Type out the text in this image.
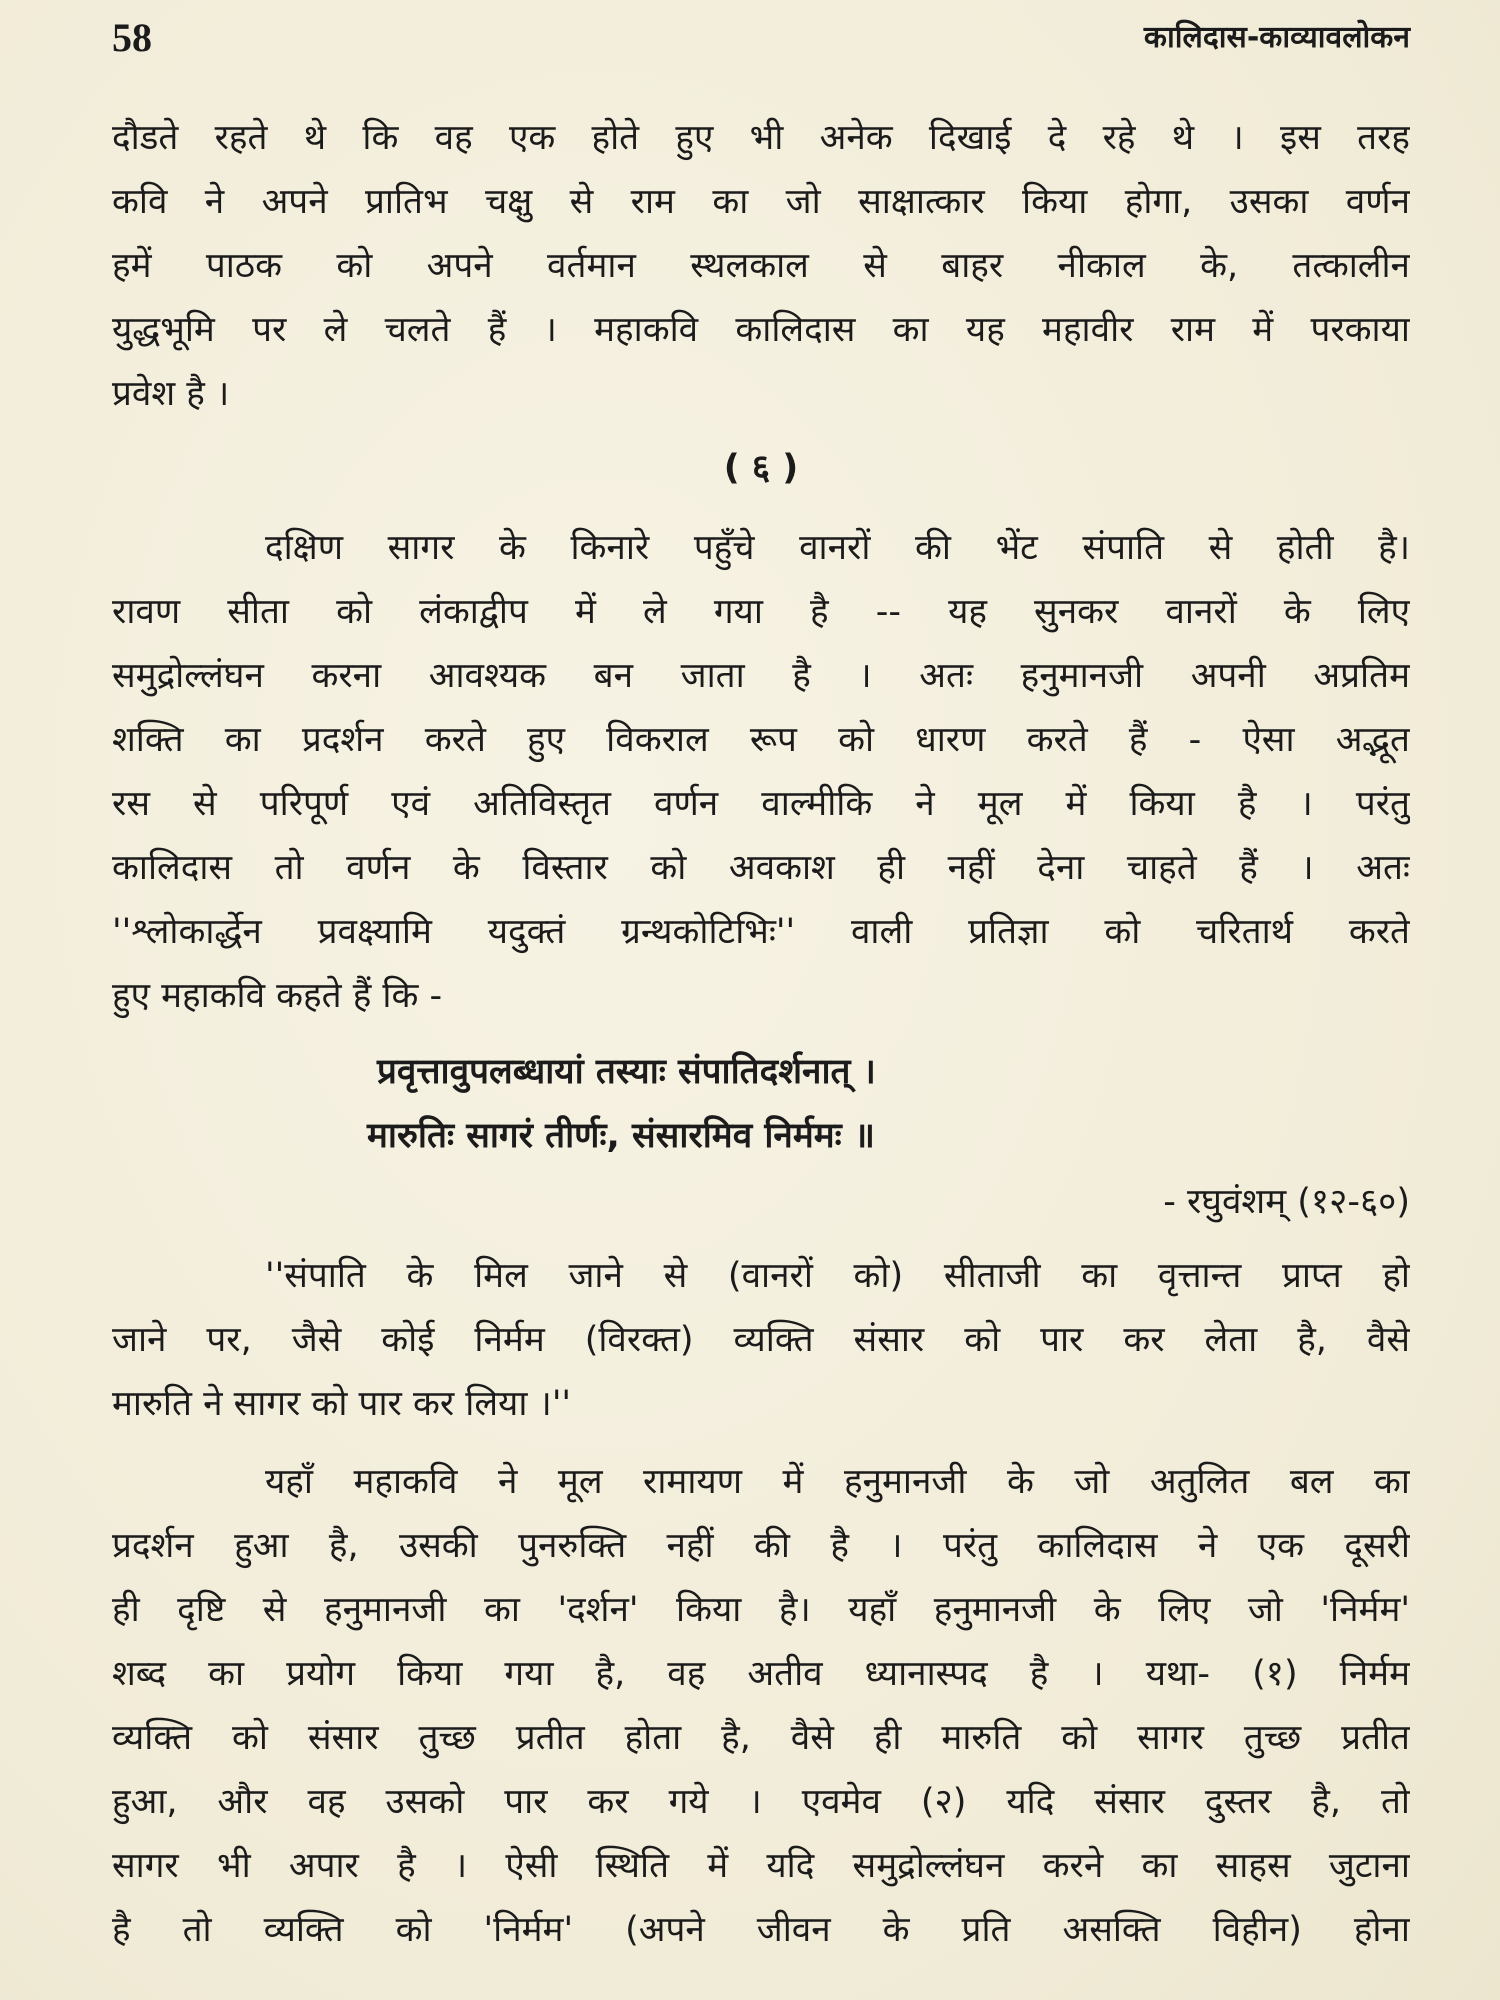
58	कालिदास-काव्यावलोकन
दौडते रहते थे कि वह एक होते हुए भी अनेक दिखाई दे रहे थे । इस तरह
कवि ने अपने प्रातिभ चक्षु से राम का जो साक्षात्कार किया होगा, उसका वर्णन
हमें पाठक को अपने वर्तमान स्थलकाल से बाहर नीकाल के, तत्कालीन
युद्धभूमि पर ले चलते हैं । महाकवि कालिदास का यह महावीर राम में परकाया
प्रवेश है ।
( ६ )
दक्षिण सागर के किनारे पहुँचे वानरों की भेंट संपाति से होती है।
रावण सीता को लंकाद्वीप में ले गया है -- यह सुनकर वानरों के लिए
समुद्रोल्लंघन करना आवश्यक बन जाता है । अतः हनुमानजी अपनी अप्रतिम
शक्ति का प्रदर्शन करते हुए विकराल रूप को धारण करते हैं - ऐसा अद्भूत
रस से परिपूर्ण एवं अतिविस्तृत वर्णन वाल्मीकि ने मूल में किया है । परंतु
कालिदास तो वर्णन के विस्तार को अवकाश ही नहीं देना चाहते हैं । अतः
''श्लोकार्द्धेन प्रवक्ष्यामि यदुक्तं ग्रन्थकोटिभिः'' वाली प्रतिज्ञा को चरितार्थ करते
हुए महाकवि कहते हैं कि -
प्रवृत्तावुपलब्धायां तस्याः संपातिदर्शनात् ।
मारुतिः सागरं तीर्णः, संसारमिव निर्ममः ॥
- रघुवंशम् (१२-६०)
''संपाति के मिल जाने से (वानरों को) सीताजी का वृत्तान्त प्राप्त हो
जाने पर, जैसे कोई निर्मम (विरक्त) व्यक्ति संसार को पार कर लेता है, वैसे
मारुति ने सागर को पार कर लिया ।''
यहाँ महाकवि ने मूल रामायण में हनुमानजी के जो अतुलित बल का
प्रदर्शन हुआ है, उसकी पुनरुक्ति नहीं की है । परंतु कालिदास ने एक दूसरी
ही दृष्टि से हनुमानजी का 'दर्शन' किया है। यहाँ हनुमानजी के लिए जो 'निर्मम'
शब्द का प्रयोग किया गया है, वह अतीव ध्यानास्पद है । यथा- (१) निर्मम
व्यक्ति को संसार तुच्छ प्रतीत होता है, वैसे ही मारुति को सागर तुच्छ प्रतीत
हुआ, और वह उसको पार कर गये । एवमेव (२) यदि संसार दुस्तर है, तो
सागर भी अपार है । ऐसी स्थिति में यदि समुद्रोल्लंघन करने का साहस जुटाना
है तो व्यक्ति को 'निर्मम' (अपने जीवन के प्रति असक्ति विहीन) होना
